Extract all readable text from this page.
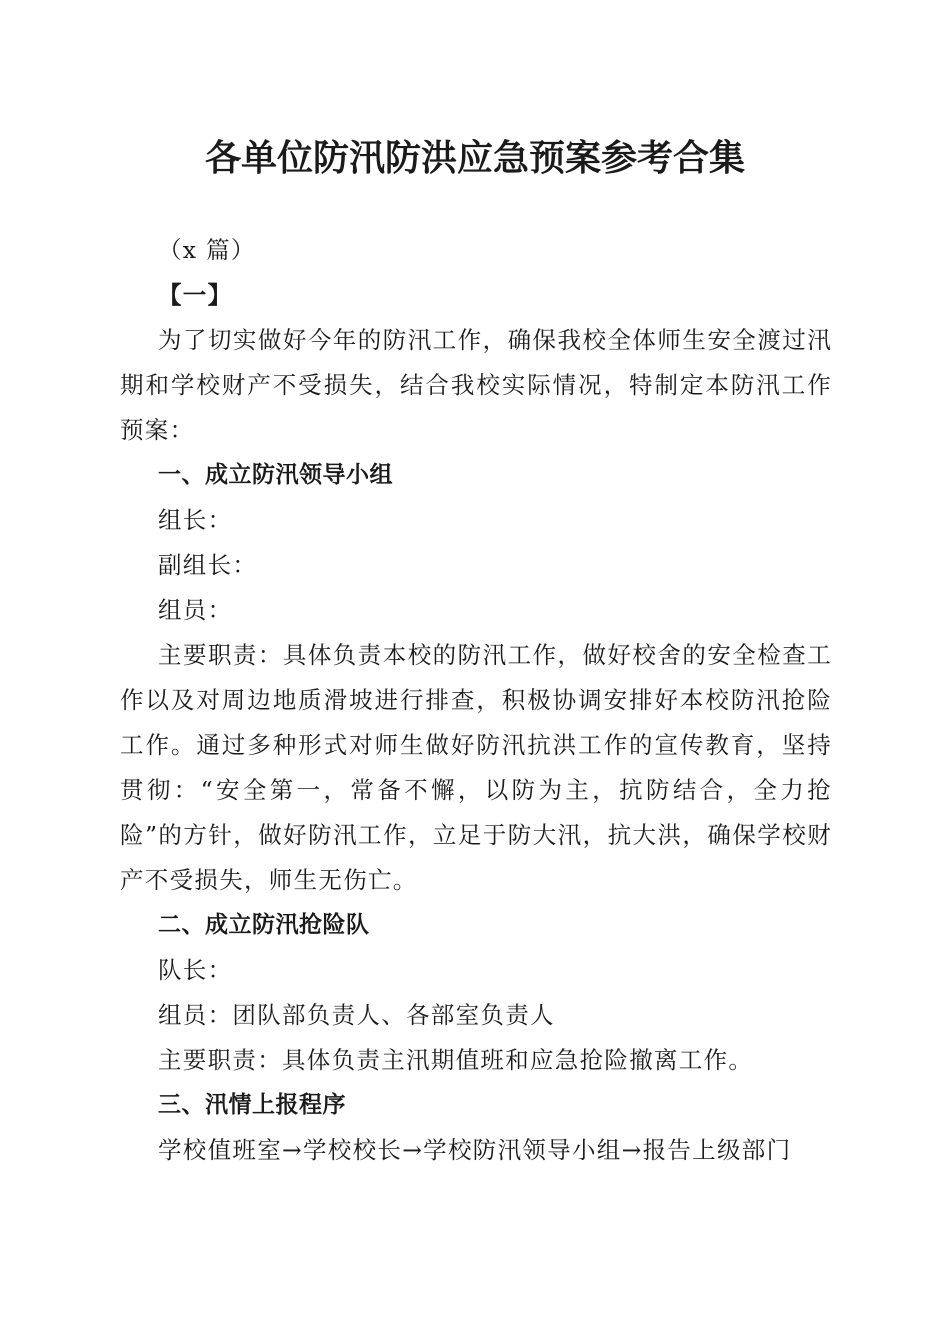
各单位防汛防洪应急预案参考合集

（x 篇）

【一】

为了切实做好今年的防汛工作，确保我校全体师生安全渡过汛期和学校财产不受损失，结合我校实际情况，特制定本防汛工作预案：

一、成立防汛领导小组

组长：

副组长：

组员：

主要职责：具体负责本校的防汛工作，做好校舍的安全检查工作以及对周边地质滑坡进行排查，积极协调安排好本校防汛抢险工作。通过多种形式对师生做好防汛抗洪工作的宣传教育，坚持贯彻：“安全第一，常备不懈，以防为主，抗防结合，全力抢险”的方针，做好防汛工作，立足于防大汛，抗大洪，确保学校财产不受损失，师生无伤亡。

二、成立防汛抢险队

队长：

组员：团队部负责人、各部室负责人

主要职责：具体负责主汛期值班和应急抢险撤离工作。

三、汛情上报程序

学校值班室→学校校长→学校防汛领导小组→报告上级部门
